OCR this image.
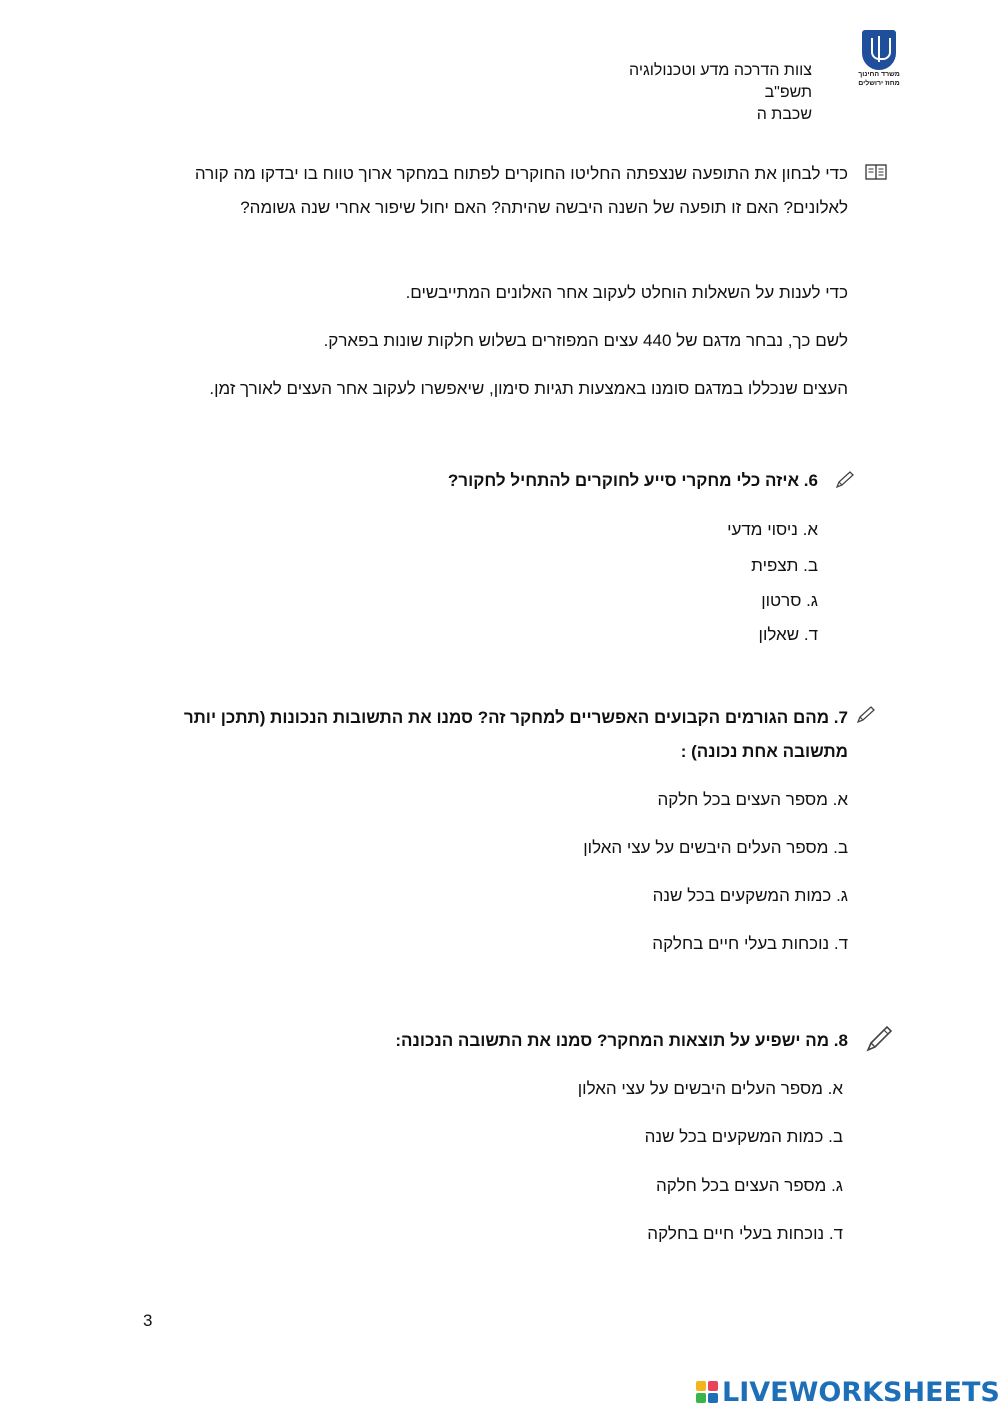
צוות הדרכה מדע וטכנולוגיה
תשפ"ב
שכבת ה
משרד החינוך
מחוז ירושלים
כדי לבחון את התופעה שנצפתה החליטו החוקרים לפתוח במחקר ארוך טווח בו יבדקו מה קורה לאלונים? האם זו תופעה של השנה היבשה שהיתה? האם יחול שיפור אחרי שנה גשומה?
כדי לענות על השאלות הוחלט לעקוב אחר האלונים המתייבשים.
לשם כך, נבחר מדגם של 440 עצים המפוזרים בשלוש חלקות שונות בפארק.
העצים שנכללו במדגם סומנו באמצעות תגיות סימון, שיאפשרו לעקוב אחר העצים לאורך זמן.
6. איזה כלי מחקרי סייע לחוקרים להתחיל לחקור?
א. ניסוי מדעי
ב. תצפית
ג. סרטון
ד. שאלון
7. מהם הגורמים הקבועים האפשריים למחקר זה? סמנו את התשובות הנכונות (תתכן יותר מתשובה אחת נכונה) :
א. מספר העצים בכל חלקה
ב. מספר העלים היבשים על עצי האלון
ג. כמות המשקעים בכל שנה
ד. נוכחות בעלי חיים בחלקה
8. מה ישפיע על תוצאות המחקר? סמנו את התשובה הנכונה:
א. מספר העלים היבשים על עצי האלון
ב. כמות המשקעים בכל שנה
ג. מספר העצים בכל חלקה
ד. נוכחות בעלי חיים בחלקה
3
LIVEWORKSHEETS
